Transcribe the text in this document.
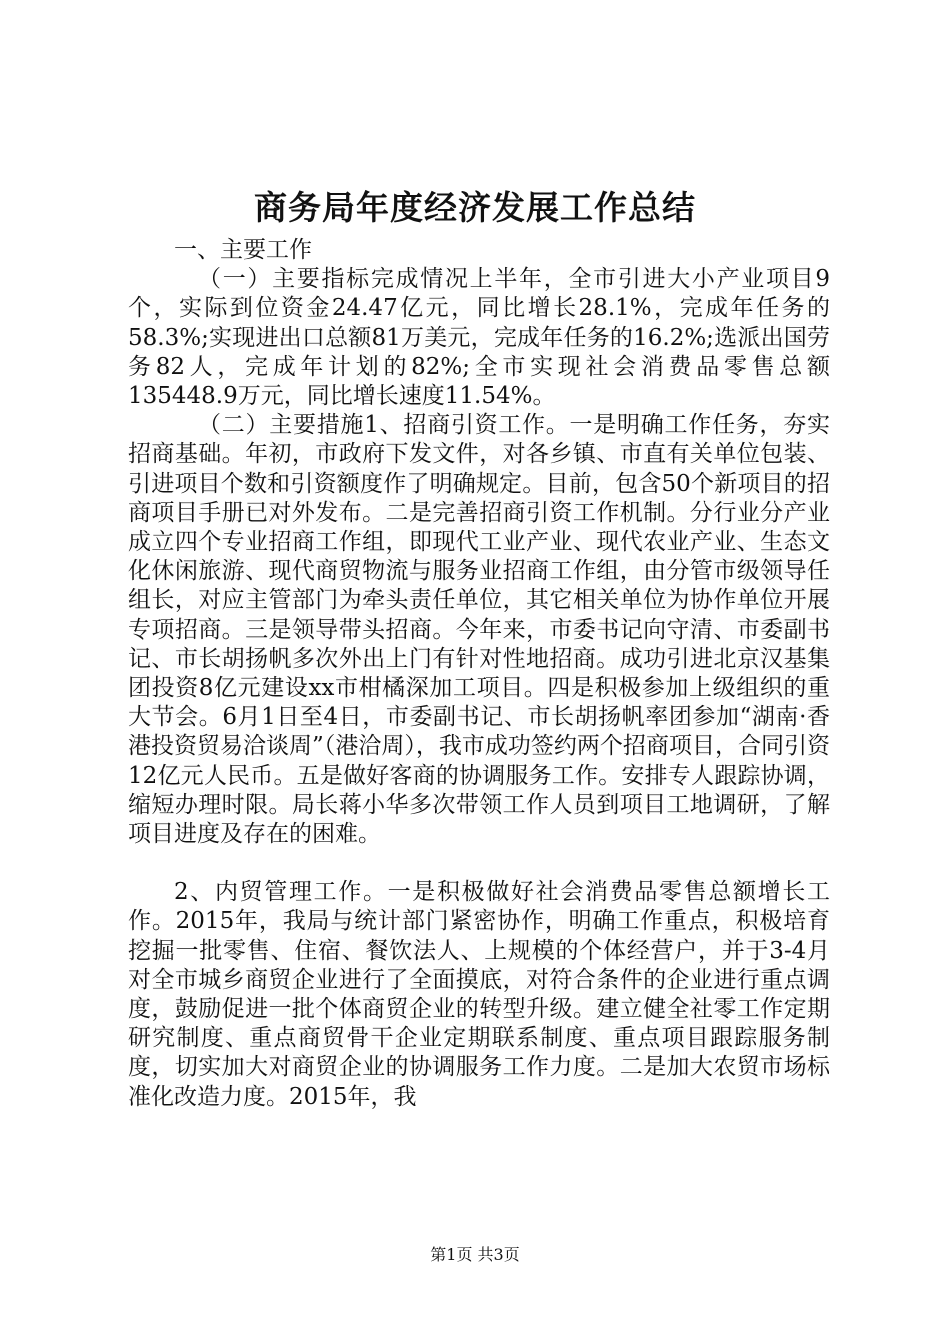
商务局年度经济发展工作总结

一、主要工作

（一）主要指标完成情况上半年，全市引进大小产业项目9个，实际到位资金24.47亿元，同比增长28.1%，完成年任务的58.3%;实现进出口总额81万美元，完成年任务的16.2%;选派出国劳务82人，完成年计划的82%;全市实现社会消费品零售总额135448.9万元，同比增长速度11.54%。

（二）主要措施1、招商引资工作。一是明确工作任务，夯实招商基础。年初，市政府下发文件，对各乡镇、市直有关单位包装、引进项目个数和引资额度作了明确规定。目前，包含50个新项目的招商项目手册已对外发布。二是完善招商引资工作机制。分行业分产业成立四个专业招商工作组，即现代工业产业、现代农业产业、生态文化休闲旅游、现代商贸物流与服务业招商工作组，由分管市级领导任组长，对应主管部门为牵头责任单位，其它相关单位为协作单位开展专项招商。三是领导带头招商。今年来，市委书记向守清、市委副书记、市长胡扬帆多次外出上门有针对性地招商。成功引进北京汉基集团投资8亿元建设xx市柑橘深加工项目。四是积极参加上级组织的重大节会。6月1日至4日，市委副书记、市长胡扬帆率团参加“湖南·香港投资贸易洽谈周”（港洽周），我市成功签约两个招商项目，合同引资12亿元人民币。五是做好客商的协调服务工作。安排专人跟踪协调，缩短办理时限。局长蒋小华多次带领工作人员到项目工地调研，了解项目进度及存在的困难。

2、内贸管理工作。一是积极做好社会消费品零售总额增长工作。2015年，我局与统计部门紧密协作，明确工作重点，积极培育挖掘一批零售、住宿、餐饮法人、上规模的个体经营户，并于3-4月对全市城乡商贸企业进行了全面摸底，对符合条件的企业进行重点调度，鼓励促进一批个体商贸企业的转型升级。建立健全社零工作定期研究制度、重点商贸骨干企业定期联系制度、重点项目跟踪服务制度，切实加大对商贸企业的协调服务工作力度。二是加大农贸市场标准化改造力度。2015年，我

第1页 共3页
